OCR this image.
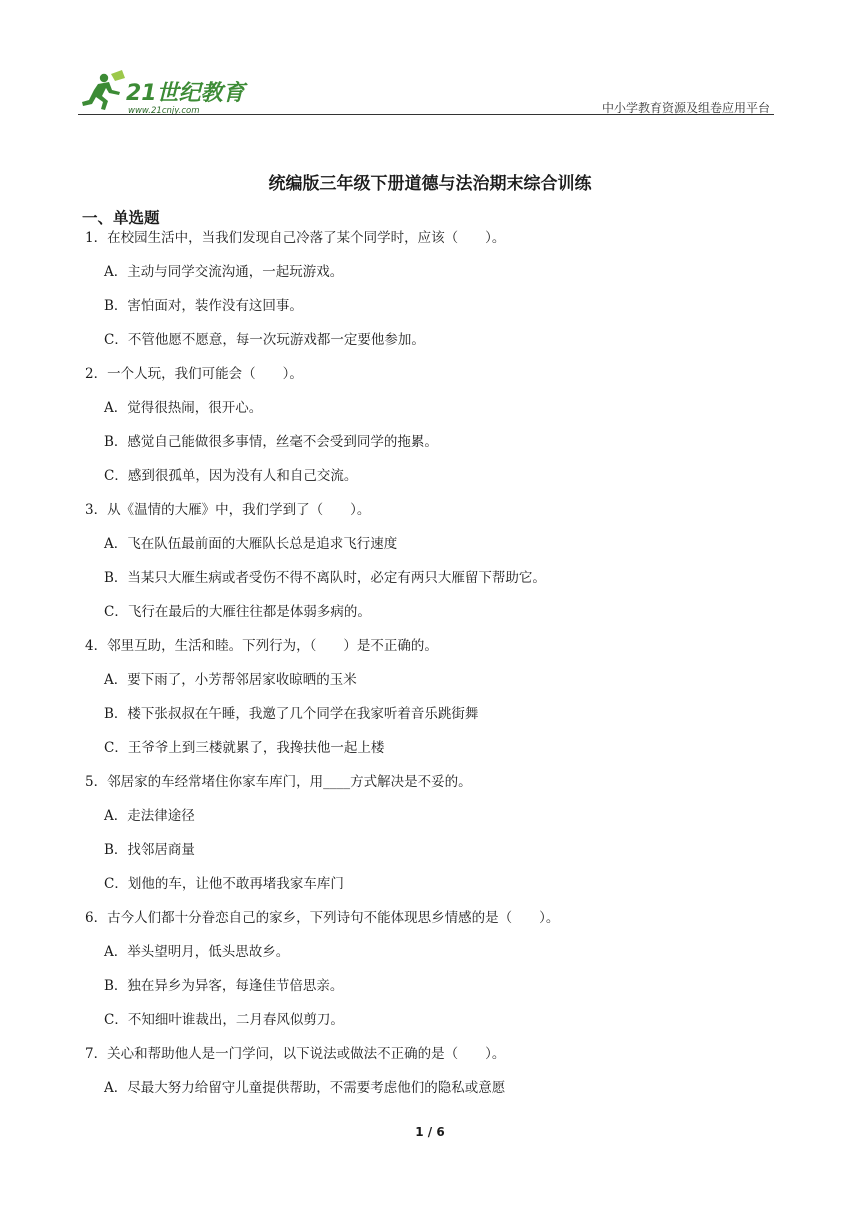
21世纪教育
www.21cnjy.com	中小学教育资源及组卷应用平台
统编版三年级下册道德与法治期末综合训练
一、单选题
1．在校园生活中，当我们发现自己冷落了某个同学时，应该（　　）。
A．主动与同学交流沟通，一起玩游戏。
B．害怕面对，装作没有这回事。
C．不管他愿不愿意，每一次玩游戏都一定要他参加。
2．一个人玩，我们可能会（　　）。
A．觉得很热闹，很开心。
B．感觉自己能做很多事情，丝毫不会受到同学的拖累。
C．感到很孤单，因为没有人和自己交流。
3．从《温情的大雁》中，我们学到了（　　）。
A．飞在队伍最前面的大雁队长总是追求飞行速度
B．当某只大雁生病或者受伤不得不离队时，必定有两只大雁留下帮助它。
C．飞行在最后的大雁往往都是体弱多病的。
4．邻里互助，生活和睦。下列行为，（　　）是不正确的。
A．要下雨了，小芳帮邻居家收晾晒的玉米
B．楼下张叔叔在午睡，我邀了几个同学在我家听着音乐跳街舞
C．王爷爷上到三楼就累了，我搀扶他一起上楼
5．邻居家的车经常堵住你家车库门，用____方式解决是不妥的。
A．走法律途径
B．找邻居商量
C．划他的车，让他不敢再堵我家车库门
6．古今人们都十分眷恋自己的家乡，下列诗句不能体现思乡情感的是（　　）。
A．举头望明月，低头思故乡。
B．独在异乡为异客，每逢佳节倍思亲。
C．不知细叶谁裁出，二月春风似剪刀。
7．关心和帮助他人是一门学问，以下说法或做法不正确的是（　　）。
A．尽最大努力给留守儿童提供帮助，不需要考虑他们的隐私或意愿
1 / 6
